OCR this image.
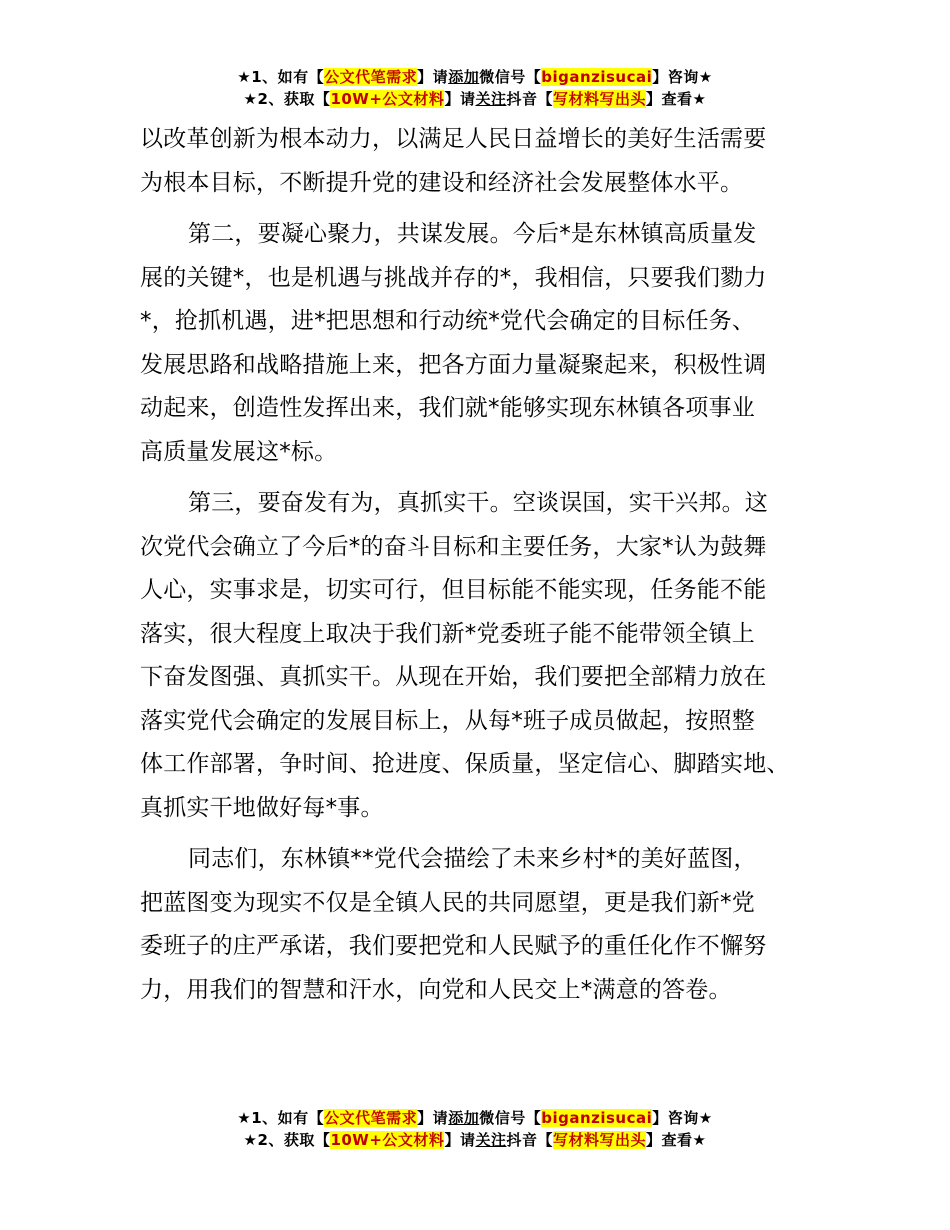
★1、如有【公文代笔需求】请添加微信号【biganzisucai】咨询★
★2、获取【10W+公文材料】请关注抖音【写材料写出头】查看★
以改革创新为根本动力，以满足人民日益增长的美好生活需要
为根本目标，不断提升党的建设和经济社会发展整体水平。
第二，要凝心聚力，共谋发展。今后*是东林镇高质量发
展的关键*，也是机遇与挑战并存的*，我相信，只要我们勠力
*，抢抓机遇，进*把思想和行动统*党代会确定的目标任务、
发展思路和战略措施上来，把各方面力量凝聚起来，积极性调
动起来，创造性发挥出来，我们就*能够实现东林镇各项事业
高质量发展这*标。
第三，要奋发有为，真抓实干。空谈误国，实干兴邦。这
次党代会确立了今后*的奋斗目标和主要任务，大家*认为鼓舞
人心，实事求是，切实可行，但目标能不能实现，任务能不能
落实，很大程度上取决于我们新*党委班子能不能带领全镇上
下奋发图强、真抓实干。从现在开始，我们要把全部精力放在
落实党代会确定的发展目标上，从每*班子成员做起，按照整
体工作部署，争时间、抢进度、保质量，坚定信心、脚踏实地、
真抓实干地做好每*事。
同志们，东林镇**党代会描绘了未来乡村*的美好蓝图，
把蓝图变为现实不仅是全镇人民的共同愿望，更是我们新*党
委班子的庄严承诺，我们要把党和人民赋予的重任化作不懈努
力，用我们的智慧和汗水，向党和人民交上*满意的答卷。
★1、如有【公文代笔需求】请添加微信号【biganzisucai】咨询★
★2、获取【10W+公文材料】请关注抖音【写材料写出头】查看★
